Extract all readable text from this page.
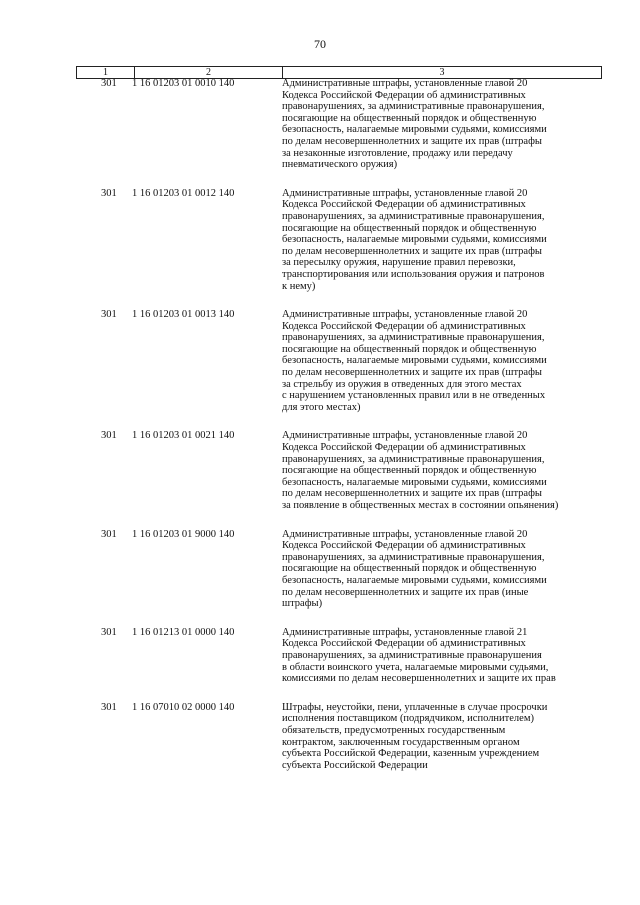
70
1	2	3
301	1 16 01203 01 0010 140	Административные штрафы, установленные главой 20
Кодекса Российской Федерации об административных
правонарушениях, за административные правонарушения,
посягающие на общественный порядок и общественную
безопасность, налагаемые мировыми судьями, комиссиями
по делам несовершеннолетних и защите их прав (штрафы
за незаконные изготовление, продажу или передачу
пневматического оружия)
301	1 16 01203 01 0012 140	Административные штрафы, установленные главой 20
Кодекса Российской Федерации об административных
правонарушениях, за административные правонарушения,
посягающие на общественный порядок и общественную
безопасность, налагаемые мировыми судьями, комиссиями
по делам несовершеннолетних и защите их прав (штрафы
за пересылку оружия, нарушение правил перевозки,
транспортирования или использования оружия и патронов
к нему)
301	1 16 01203 01 0013 140	Административные штрафы, установленные главой 20
Кодекса Российской Федерации об административных
правонарушениях, за административные правонарушения,
посягающие на общественный порядок и общественную
безопасность, налагаемые мировыми судьями, комиссиями
по делам несовершеннолетних и защите их прав (штрафы
за стрельбу из оружия в отведенных для этого местах
с нарушением установленных правил или в не отведенных
для этого местах)
301	1 16 01203 01 0021 140	Административные штрафы, установленные главой 20
Кодекса Российской Федерации об административных
правонарушениях, за административные правонарушения,
посягающие на общественный порядок и общественную
безопасность, налагаемые мировыми судьями, комиссиями
по делам несовершеннолетних и защите их прав (штрафы
за появление в общественных местах в состоянии опьянения)
301	1 16 01203 01 9000 140	Административные штрафы, установленные главой 20
Кодекса Российской Федерации об административных
правонарушениях, за административные правонарушения,
посягающие на общественный порядок и общественную
безопасность, налагаемые мировыми судьями, комиссиями
по делам несовершеннолетних и защите их прав (иные
штрафы)
301	1 16 01213 01 0000 140	Административные штрафы, установленные главой 21
Кодекса Российской Федерации об административных
правонарушениях, за административные правонарушения
в области воинского учета, налагаемые мировыми судьями,
комиссиями по делам несовершеннолетних и защите их прав
301	1 16 07010 02 0000 140	Штрафы, неустойки, пени, уплаченные в случае просрочки
исполнения поставщиком (подрядчиком, исполнителем)
обязательств, предусмотренных государственным
контрактом, заключенным государственным органом
субъекта Российской Федерации, казенным учреждением
субъекта Российской Федерации
